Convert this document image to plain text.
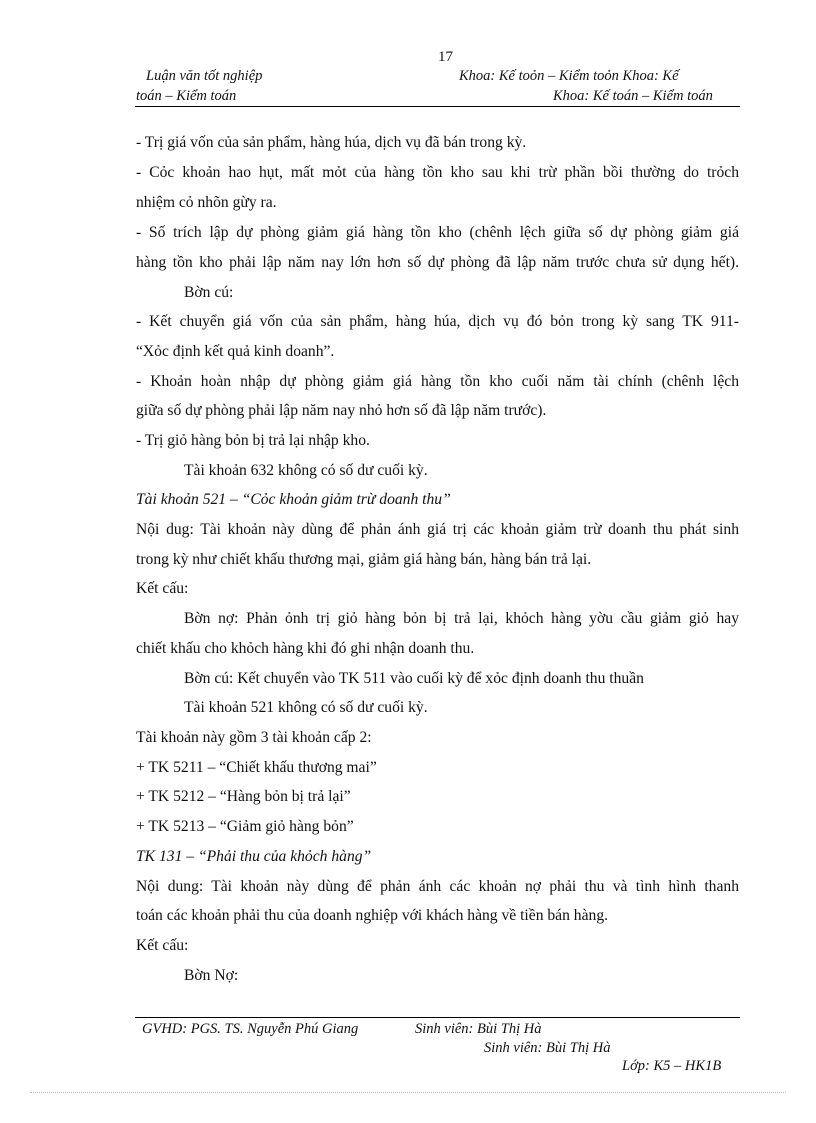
17
Luận văn tốt nghiệp	Khoa: Kế toỏn – Kiểm toỏn Khoa: Kế
toán – Kiểm toán	Khoa: Kế toán – Kiểm toán
- Trị giá vốn của sản phẩm, hàng húa, dịch vụ đã bán trong kỳ.
- Cỏc khoản hao hụt, mất mỏt của hàng tồn kho sau khi trừ phần bồi thường do trỏch
nhiệm cỏ nhõn gừy ra.
- Số trích lập dự phòng giảm giá hàng tồn kho (chênh lệch giữa số dự phòng giảm giá
hàng tồn kho phải lập năm nay lớn hơn số dự phòng đã lập năm trước chưa sử dụng hết).
Bờn cú:
- Kết chuyển giá vốn của sản phẩm, hàng húa, dịch vụ đó bỏn trong kỳ sang TK 911-
“Xỏc định kết quả kinh doanh”.
- Khoản hoàn nhập dự phòng giảm giá hàng tồn kho cuối năm tài chính (chênh lệch
giữa số dự phòng phải lập năm nay nhỏ hơn số đã lập năm trước).
- Trị giỏ hàng bỏn bị trả lại nhập kho.
Tài khoản 632 không có số dư cuối kỳ.
Tài khoản 521 – “Cỏc khoản giảm trừ doanh thu”
Nội dug: Tài khoản này dùng để phản ánh giá trị các khoản giảm trừ doanh thu phát sinh
trong kỳ như chiết khấu thương mại, giảm giá hàng bán, hàng bán trả lại.
Kết cấu:
Bờn nợ: Phản ỏnh trị giỏ hàng bỏn bị trả lại, khỏch hàng yờu cầu giảm giỏ hay
chiết khấu cho khỏch hàng khi đó ghi nhận doanh thu.
Bờn cú: Kết chuyển vào TK 511 vào cuối kỳ để xỏc định doanh thu thuần
Tài khoản 521 không có số dư cuối kỳ.
Tài khoản này gồm 3 tài khoản cấp 2:
+ TK 5211 – “Chiết khấu thương mai”
+ TK 5212 – “Hàng bỏn bị trả lại”
+ TK 5213 – “Giảm giỏ hàng bỏn”
TK 131 – “Phải thu của khỏch hàng”
Nội dung: Tài khoản này dùng để phản ánh các khoản nợ phải thu và tình hình thanh
toán các khoản phải thu của doanh nghiệp với khách hàng về tiền bán hàng.
Kết cấu:
Bờn Nợ:
GVHD: PGS. TS. Nguyễn Phú Giang	Sinh viên: Bùi Thị Hà
Sinh viên: Bùi Thị Hà
Lớp: K5 – HK1B
